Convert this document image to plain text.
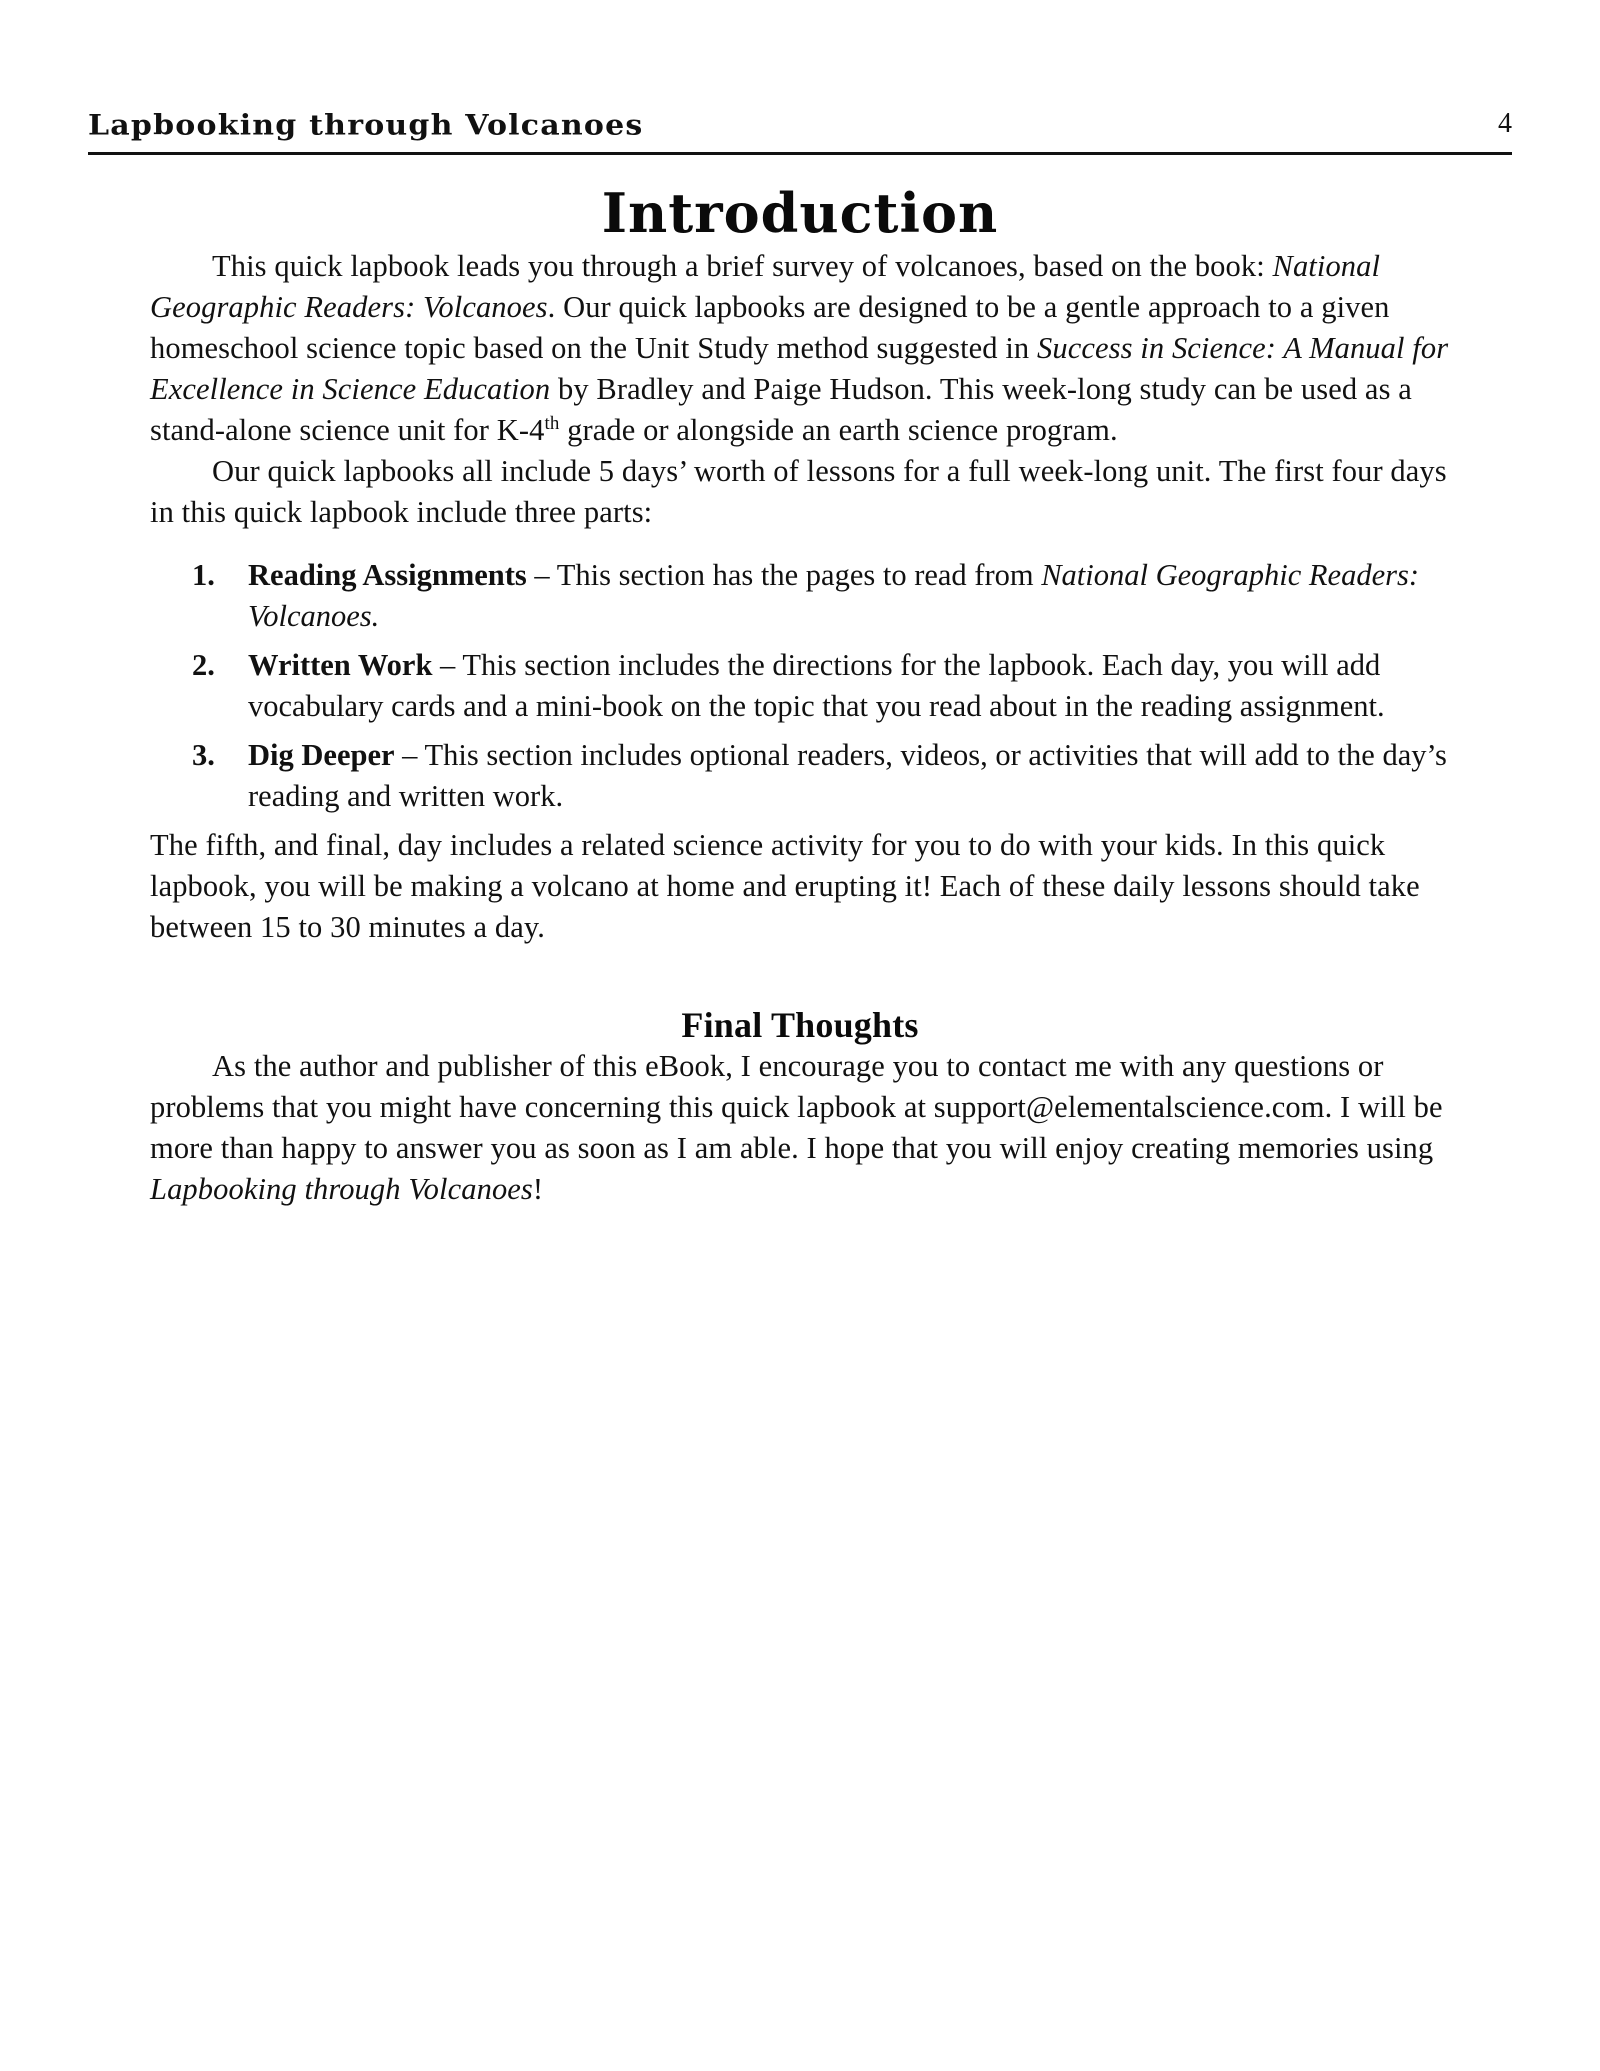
Lapbooking through Volcanoes	4
Introduction

This quick lapbook leads you through a brief survey of volcanoes, based on the book: National Geographic Readers: Volcanoes. Our quick lapbooks are designed to be a gentle approach to a given homeschool science topic based on the Unit Study method suggested in Success in Science: A Manual for Excellence in Science Education by Bradley and Paige Hudson. This week-long study can be used as a stand-alone science unit for K-4th grade or alongside an earth science program.

Our quick lapbooks all include 5 days’ worth of lessons for a full week-long unit. The first four days in this quick lapbook include three parts:

1. Reading Assignments – This section has the pages to read from National Geographic Readers: Volcanoes.
2. Written Work – This section includes the directions for the lapbook. Each day, you will add vocabulary cards and a mini-book on the topic that you read about in the reading assignment.
3. Dig Deeper – This section includes optional readers, videos, or activities that will add to the day’s reading and written work.

The fifth, and final, day includes a related science activity for you to do with your kids. In this quick lapbook, you will be making a volcano at home and erupting it! Each of these daily lessons should take between 15 to 30 minutes a day.

Final Thoughts

As the author and publisher of this eBook, I encourage you to contact me with any questions or problems that you might have concerning this quick lapbook at support@elementalscience.com. I will be more than happy to answer you as soon as I am able. I hope that you will enjoy creating memories using Lapbooking through Volcanoes!
